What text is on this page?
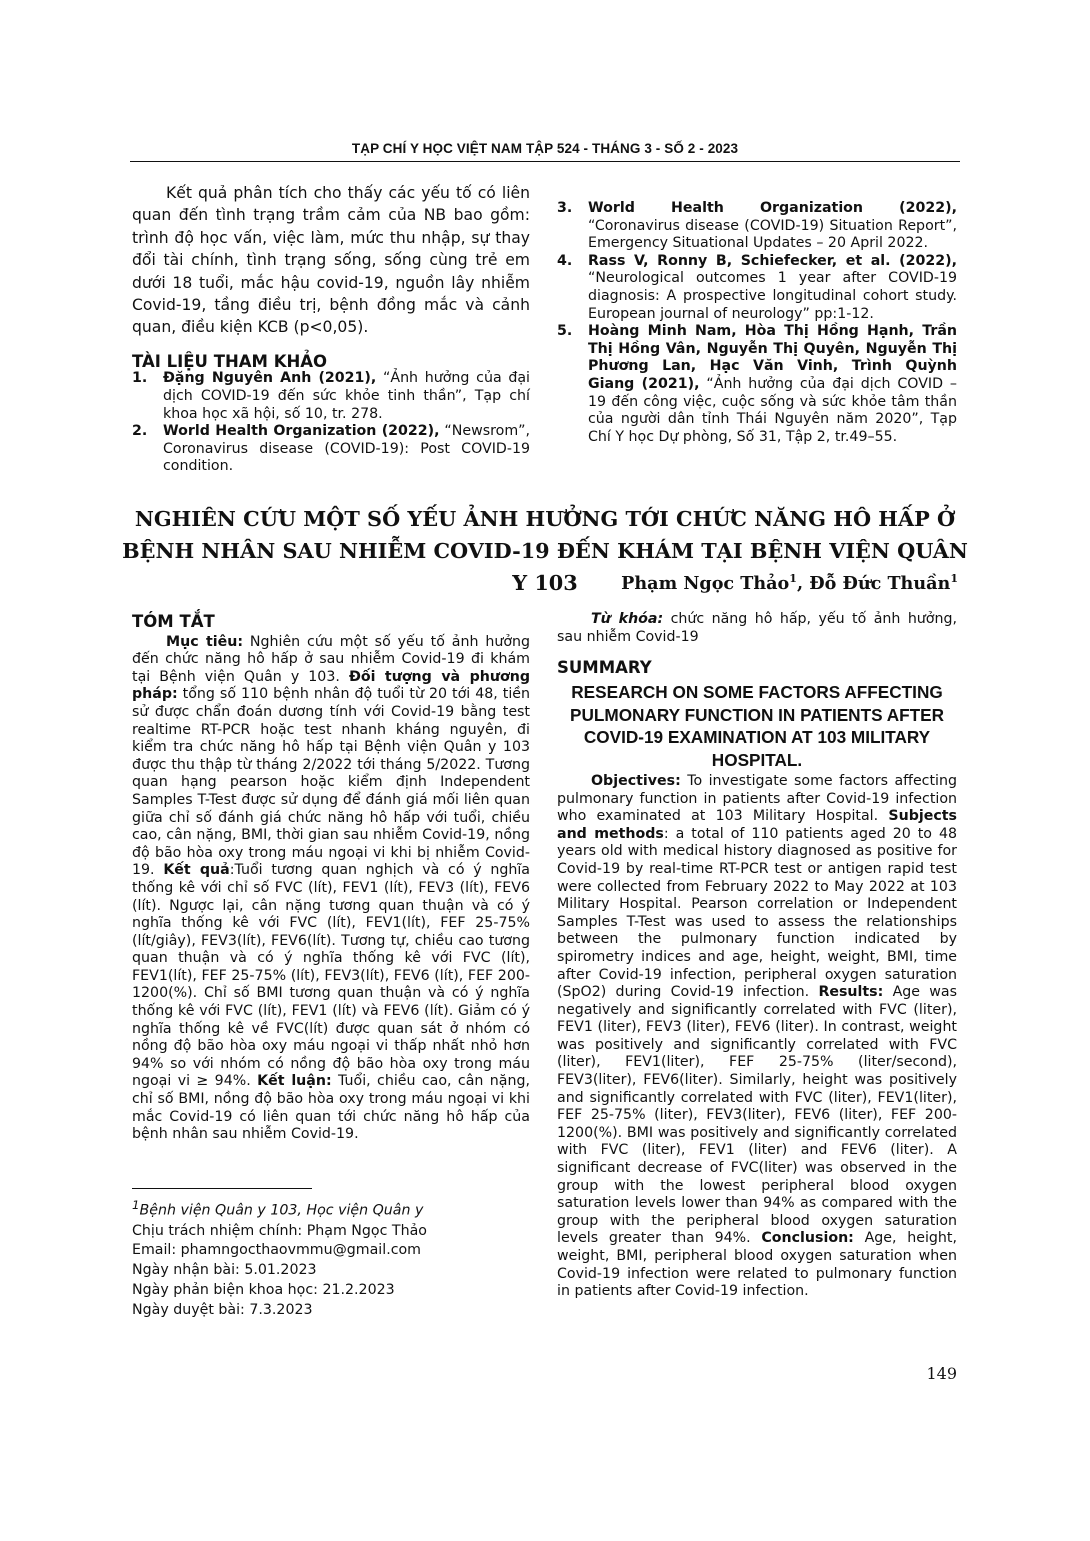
TẠP CHÍ Y HỌC VIỆT NAM TẬP 524 - THÁNG 3 - SỐ 2 - 2023

Kết quả phân tích cho thấy các yếu tố có liên quan đến tình trạng trầm cảm của NB bao gồm: trình độ học vấn, việc làm, mức thu nhập, sự thay đổi tài chính, tình trạng sống, sống cùng trẻ em dưới 18 tuổi, mắc hậu covid-19, nguồn lây nhiễm Covid-19, tầng điều trị, bệnh đồng mắc và cảnh quan, điều kiện KCB (p<0,05).

TÀI LIỆU THAM KHẢO
1. Đặng Nguyên Anh (2021), “Ảnh hưởng của đại dịch COVID-19 đến sức khỏe tinh thần”, Tạp chí khoa học xã hội, số 10, tr. 278.
2. World Health Organization (2022), “Newsrom”, Coronavirus disease (COVID-19): Post COVID-19 condition.
3. World Health Organization (2022), “Coronavirus disease (COVID-19) Situation Report”, Emergency Situational Updates – 20 April 2022.
4. Rass V, Ronny B, Schiefecker, et al. (2022), “Neurological outcomes 1 year after COVID-19 diagnosis: A prospective longitudinal cohort study. European journal of neurology” pp:1-12.
5. Hoàng Minh Nam, Hòa Thị Hồng Hạnh, Trần Thị Hồng Vân, Nguyễn Thị Quyên, Nguyễn Thị Phương Lan, Hạc Văn Vinh, Trình Quỳnh Giang (2021), “Ảnh hưởng của đại dịch COVID – 19 đến công việc, cuộc sống và sức khỏe tâm thần của người dân tỉnh Thái Nguyên năm 2020”, Tạp Chí Y học Dự phòng, Số 31, Tập 2, tr.49–55.
NGHIÊN CỨU MỘT SỐ YẾU ẢNH HƯỞNG TỚI CHỨC NĂNG HÔ HẤP Ở
BỆNH NHÂN SAU NHIỄM COVID-19 ĐẾN KHÁM TẠI BỆNH VIỆN QUÂN Y 103	Phạm Ngọc Thảo$^1$, Đỗ Đức Thuần$^1$
TÓM TẮT

Mục tiêu: Nghiên cứu một số yếu tố ảnh hưởng đến chức năng hô hấp ở sau nhiễm Covid-19 đi khám tại Bệnh viện Quân y 103. Đối tượng và phương pháp: tổng số 110 bệnh nhân độ tuổi từ 20 tới 48, tiền sử được chẩn đoán dương tính với Covid-19 bằng test realtime RT-PCR hoặc test nhanh kháng nguyên, đi kiểm tra chức năng hô hấp tại Bệnh viện Quân y 103 được thu thập từ tháng 2/2022 tới tháng 5/2022. Tương quan hạng pearson hoặc kiểm định Independent Samples T-Test được sử dụng để đánh giá mối liên quan giữa chỉ số đánh giá chức năng hô hấp với tuổi, chiều cao, cân nặng, BMI, thời gian sau nhiễm Covid-19, nồng độ bão hòa oxy trong máu ngoại vi khi bị nhiễm Covid-19. Kết quả:Tuổi tương quan nghịch và có ý nghĩa thống kê với chỉ số FVC (lít), FEV1 (lít), FEV3 (lít), FEV6 (lít). Ngược lại, cân nặng tương quan thuận và có ý nghĩa thống kê với FVC (lít), FEV1(lít), FEF 25-75% (lít/giây), FEV3(lít), FEV6(lít). Tương tự, chiều cao tương quan thuận và có ý nghĩa thống kê với FVC (lít), FEV1(lít), FEF 25-75% (lít), FEV3(lít), FEV6 (lít), FEF 200-1200(%). Chỉ số BMI tương quan thuận và có ý nghĩa thống kê với FVC (lít), FEV1 (lít) và FEV6 (lít). Giảm có ý nghĩa thống kê về FVC(lít) được quan sát ở nhóm có nồng độ bão hòa oxy máu ngoại vi thấp nhất nhỏ hơn 94% so với nhóm có nồng độ bão hòa oxy trong máu ngoại vi ≥ 94%. Kết luận: Tuổi, chiều cao, cân nặng, chỉ số BMI, nồng độ bão hòa oxy trong máu ngoại vi khi mắc Covid-19 có liên quan tới chức năng hô hấp của bệnh nhân sau nhiễm Covid-19.

$^1$Bệnh viện Quân y 103, Học viện Quân y
Chịu trách nhiệm chính: Phạm Ngọc Thảo
Email: phamngocthaovmmu@gmail.com
Ngày nhận bài: 5.01.2023
Ngày phản biện khoa học: 21.2.2023
Ngày duyệt bài: 7.3.2023

Từ khóa: chức năng hô hấp, yếu tố ảnh hưởng, sau nhiễm Covid-19

SUMMARY
RESEARCH ON SOME FACTORS AFFECTING PULMONARY FUNCTION IN PATIENTS AFTER COVID-19 EXAMINATION AT 103 MILITARY HOSPITAL.

Objectives: To investigate some factors affecting pulmonary function in patients after Covid-19 infection who examinated at 103 Military Hospital. Subjects and methods: a total of 110 patients aged 20 to 48 years old with medical history diagnosed as positive for Covid-19 by real-time RT-PCR test or antigen rapid test were collected from February 2022 to May 2022 at 103 Military Hospital. Pearson correlation or Independent Samples T-Test was used to assess the relationships between the pulmonary function indicated by spirometry indices and age, height, weight, BMI, time after Covid-19 infection, peripheral oxygen saturation (SpO2) during Covid-19 infection. Results: Age was negatively and significantly correlated with FVC (liter), FEV1 (liter), FEV3 (liter), FEV6 (liter). In contrast, weight was positively and significantly correlated with FVC (liter), FEV1(liter), FEF 25-75% (liter/second), FEV3(liter), FEV6(liter). Similarly, height was positively and significantly correlated with FVC (liter), FEV1(liter), FEF 25-75% (liter), FEV3(liter), FEV6 (liter), FEF 200-1200(%). BMI was positively and significantly correlated with FVC (liter), FEV1 (liter) and FEV6 (liter). A significant decrease of FVC(liter) was observed in the group with the lowest peripheral blood oxygen saturation levels lower than 94% as compared with the group with the peripheral blood oxygen saturation levels greater than 94%. Conclusion: Age, height, weight, BMI, peripheral blood oxygen saturation when Covid-19 infection were related to pulmonary function in patients after Covid-19 infection.

149
